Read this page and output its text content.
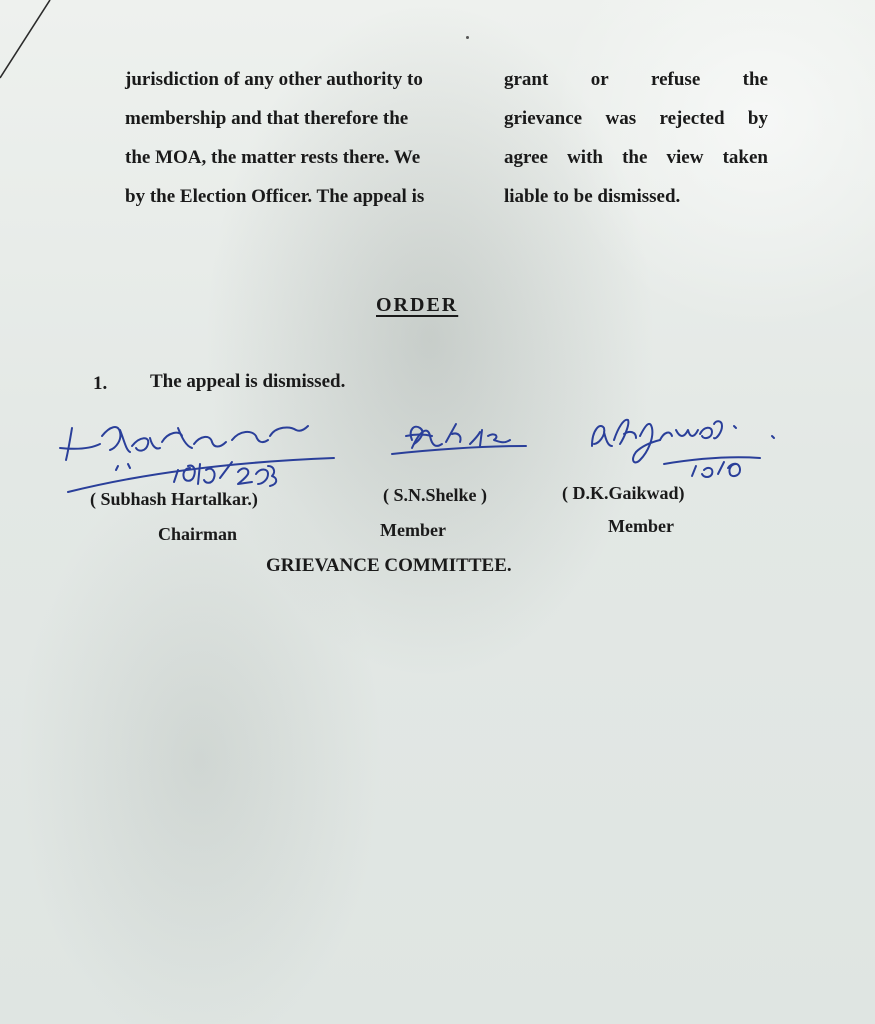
jurisdiction of any other authority to
membership and that therefore the
the MOA, the matter rests there. We
by the Election Officer. The appeal is
grant or refuse the
grievance was rejected by
agree with the view taken
liable to be dismissed.
ORDER
1. The appeal is dismissed.
( Subhash Hartalkar.)	( S.N.Shelke )	( D.K.Gaikwad)
Chairman	Member	Member
GRIEVANCE COMMITTEE.
